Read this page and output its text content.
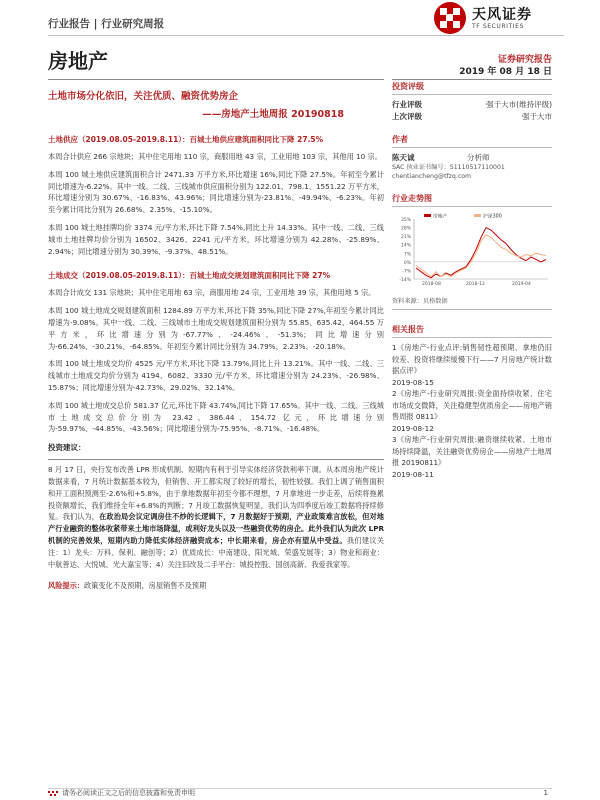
行业报告 | 行业研究周报
天风证券
TF SECURITIES
房地产	证券研究报告
2019 年 08 月 18 日
土地市场分化依旧，关注优质、融资优势房企
——房地产土地周报 20190818
土地供应（2019.08.05-2019.8.11）：百城土地供应建筑面积同比下降 27.5%
本周合计供应 266 宗地块；其中住宅用地 110 宗，商服用地 43 宗，工业用地 103 宗，其他用 10 宗。
本周 100 城土地供应建筑面积合计 2471.33 万平方米,环比增速 16%,同比下降 27.5%。年初至今累计同比增速为-6.22%。其中一线、二线、三线城市供应面积分别为 122.01、798.1、1551.22 万平方米，环比增速分别为 30.67%、-16.83%、43.96%；同比增速分别为-23.81%、-49.94%、-6.23%。年初至今累计同比分别为 26.68%、2.35%、-15.10%。
本周 100 城土地挂牌均价 3374 元/平方米,环比下降 7.54%,同比上升 14.33%。其中一线、二线、三线城市土地挂牌均价分别为 16502、3426、2241 元/平方米，环比增速分别为 42.28%、-25.89%、2.94%；同比增速分别为 30.39%、-9.37%、48.51%。
土地成交（2019.08.05-2019.8.11）：百城土地成交规划建筑面积同比下降 27%
本周合计成交 131 宗地块；其中住宅用地 63 宗，商服用地 24 宗，工业用地 39 宗，其他用地 5 宗。
本周 100 城土地成交规划建筑面积 1284.89 万平方米,环比下降 35%,同比下降 27%,年初至今累计同比增速为-9.08%。其中一线、二线、三线城市土地成交规划建筑面积分别为 55.85、635.42、464.55 万平方米，环比增速分别为-67.77%、-24.46%、-51.3%；同比增速分别为-66.24%、-30.21%、-64.85%。年初至今累计同比分别为 34.79%、2.23%、-20.18%。
本周 100 城土地成交均价 4525 元/平方米,环比下降 13.79%,同比上升 13.21%。其中一线、二线、三线城市土地成交均价分别为 4194、6082、3330 元/平方米，环比增速分别为 24.23%、-26.98%、15.87%；同比增速分别为-42.73%、29.02%、32.14%。
本周 100 城土地成交总价 581.37 亿元,环比下降 43.74%,同比下降 17.65%。其中一线、二线、三线城市土地成交总价分别为 23.42、386.44、154.72 亿元，环比增速分别为-59.97%、-44.85%、-43.56%；同比增速分别为-75.95%、-8.71%、-16.48%。
投资建议：
8 月 17 日，央行发布改善 LPR 形成机制、短期内有利于引导实体经济贷款利率下调。从本周房地产统计数据来看，7 月统计数据基本较为，但销售、开工都实现了较好的增长，韧性较强。我们上调了销售面积和开工面积预测至-2.6%和+5.8%，由于拿地数据年初至今都不理想，7 月拿地进一步走差，后续将拖累投资额增长，我们维持全年+6.8%的判断；7 月竣工数据恢复明显，我们认为四季度后竣工数据将持续修复。我们认为，在政治局会议定调房住不炒的长逻辑下，7 月数据好于预期，产业政策难言放松，但对地产行业融资的整体收紧带来土地市场降温，或利好龙头以及一些融资优势的房企。此外我们认为此次 LPR 机制的完善效果，短期内助力降低实体经济融资成本；中长期来看，房企亦有望从中受益。我们建议关注：1）龙头：万科、保利、融创等；2）优质成长：中南建设、阳光城、荣盛发展等；3）物业和商业：中航善达、大悦城、光大嘉宝等；4）关注旧改及二手平台：城投控股、国创高新、我爱我家等。
风险提示：政策变化不及预期，房屋销售不及预期
投资评级
行业评级	强于大市(维持评级)
上次评级	强于大市
作者
陈天诚	分析师
SAC 执业证书编号：S1110517110001
chentiancheng@tfzq.com
行业走势图
35%
28%
21%
14%
7%
0%
-7%
-14%
2018-08	2018-12	2019-04
房地产	沪深300
资料来源：贝格数据
相关报告
1《房地产-行业点评:销售韧性超预期、拿地仍旧较差、投资将继续缓慢下行——7 月房地产统计数据点评》
2019-08-15
2《房地产-行业研究周报:资金面持续收紧、住宅市场成交微降，关注稳健型优质房企——房地产销售周报 0811》
2019-08-12
3《房地产-行业研究周报:融资继续收紧、土地市场持续降温，关注融资优势房企——房地产土地周报 20190811》
2019-08-11
请务必阅读正文之后的信息披露和免责申明	1
